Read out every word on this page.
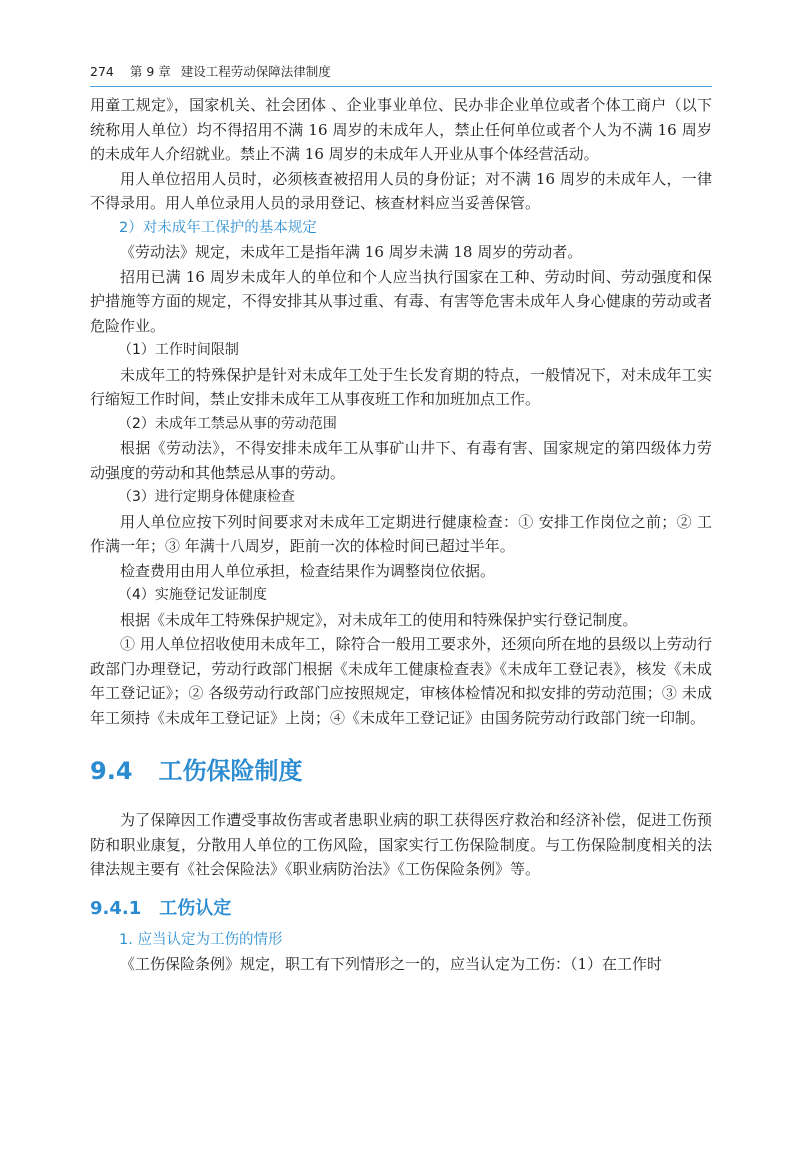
274 第 9 章 建设工程劳动保障法律制度

用童工规定》，国家机关、社会团体 、企业事业单位、民办非企业单位或者个体工商户（以下统称用人单位）均不得招用不满 16 周岁的未成年人，禁止任何单位或者个人为不满 16 周岁的未成年人介绍就业。禁止不满 16 周岁的未成年人开业从事个体经营活动。

用人单位招用人员时，必须核查被招用人员的身份证；对不满 16 周岁的未成年人，一律不得录用。用人单位录用人员的录用登记、核查材料应当妥善保管。

2）对未成年工保护的基本规定

《劳动法》规定，未成年工是指年满 16 周岁未满 18 周岁的劳动者。

招用已满 16 周岁未成年人的单位和个人应当执行国家在工种、劳动时间、劳动强度和保护措施等方面的规定，不得安排其从事过重、有毒、有害等危害未成年人身心健康的劳动或者危险作业。

（1）工作时间限制

未成年工的特殊保护是针对未成年工处于生长发育期的特点，一般情况下，对未成年工实行缩短工作时间，禁止安排未成年工从事夜班工作和加班加点工作。

（2）未成年工禁忌从事的劳动范围

根据《劳动法》，不得安排未成年工从事矿山井下、有毒有害、国家规定的第四级体力劳动强度的劳动和其他禁忌从事的劳动。

（3）进行定期身体健康检查

用人单位应按下列时间要求对未成年工定期进行健康检查：① 安排工作岗位之前；② 工作满一年；③ 年满十八周岁，距前一次的体检时间已超过半年。

检查费用由用人单位承担，检查结果作为调整岗位依据。

（4）实施登记发证制度

根据《未成年工特殊保护规定》，对未成年工的使用和特殊保护实行登记制度。

① 用人单位招收使用未成年工，除符合一般用工要求外，还须向所在地的县级以上劳动行政部门办理登记，劳动行政部门根据《未成年工健康检查表》《未成年工登记表》，核发《未成年工登记证》；② 各级劳动行政部门应按照规定，审核体检情况和拟安排的劳动范围；③ 未成年工须持《未成年工登记证》上岗；④《未成年工登记证》由国务院劳动行政部门统一印制。

9.4 工伤保险制度

为了保障因工作遭受事故伤害或者患职业病的职工获得医疗救治和经济补偿，促进工伤预防和职业康复，分散用人单位的工伤风险，国家实行工伤保险制度。与工伤保险制度相关的法律法规主要有《社会保险法》《职业病防治法》《工伤保险条例》等。

9.4.1 工伤认定
1. 应当认定为工伤的情形

《工伤保险条例》规定，职工有下列情形之一的，应当认定为工伤：（1）在工作时
